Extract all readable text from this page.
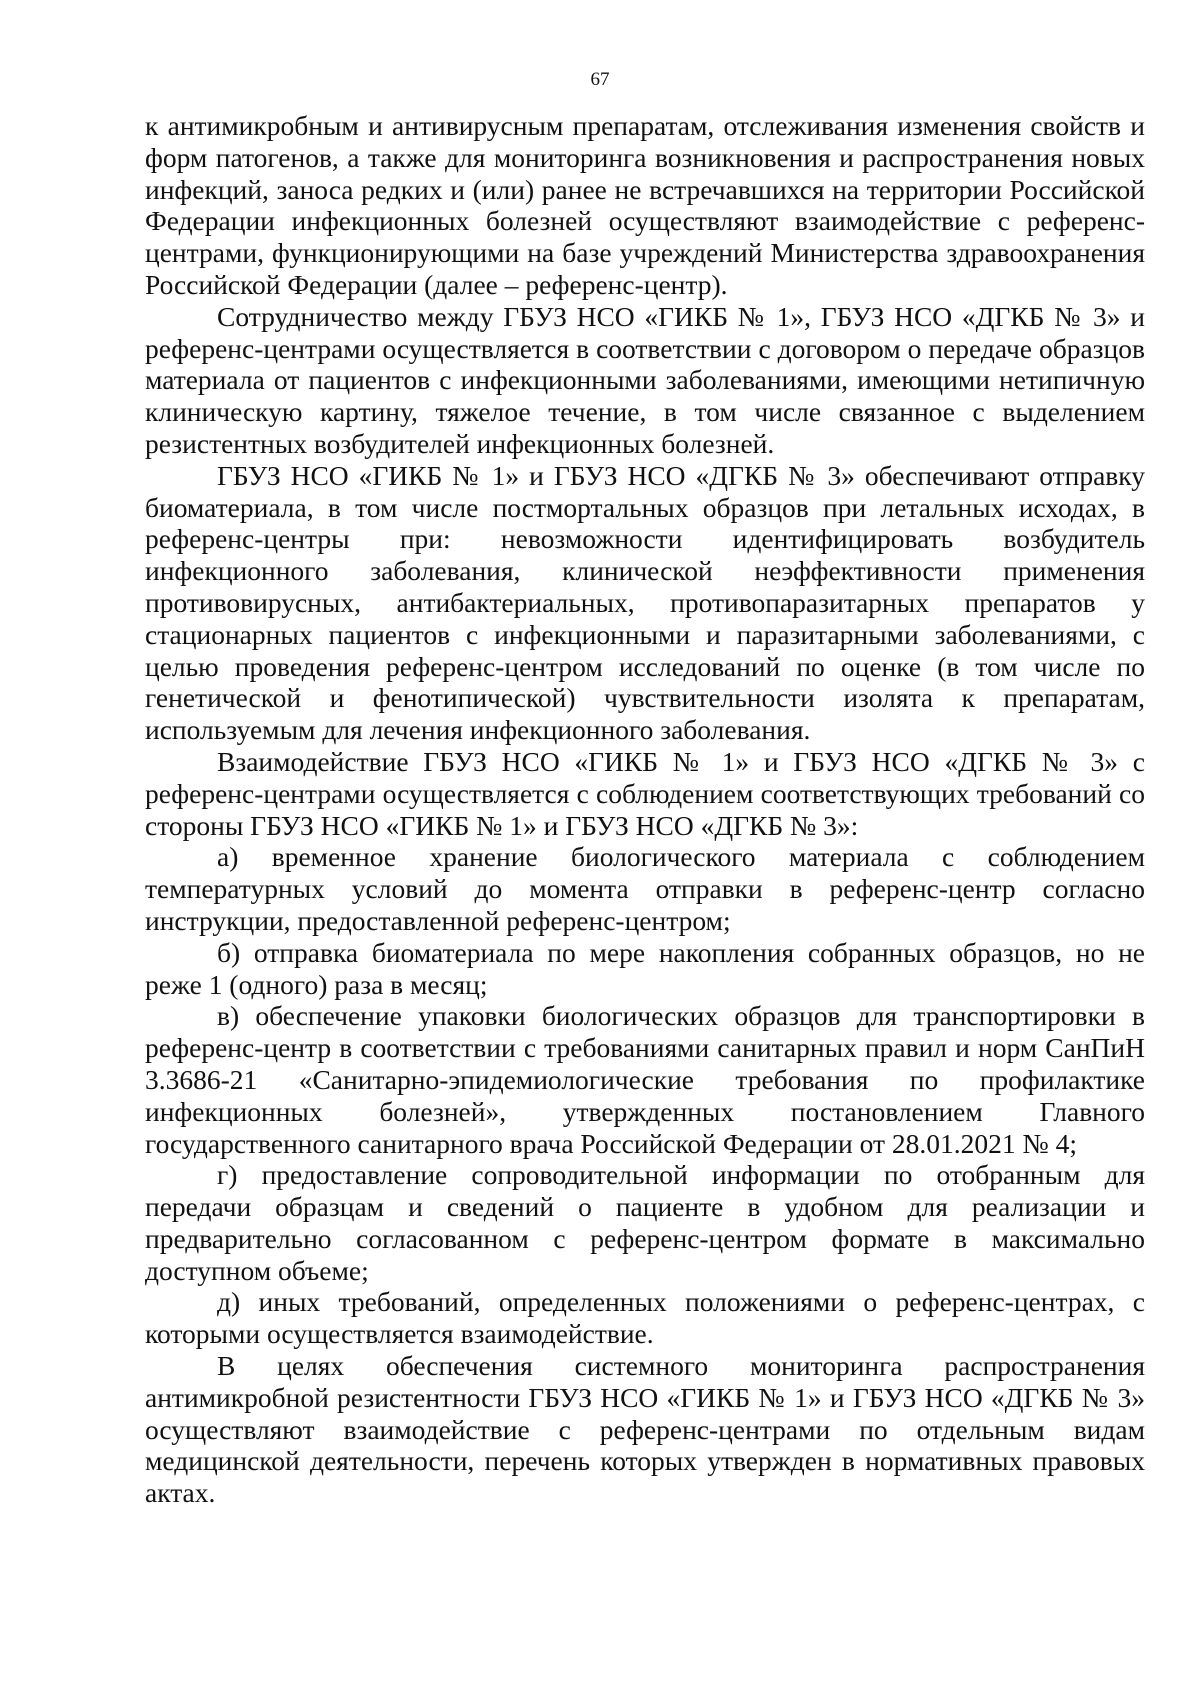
67

к антимикробным и антивирусным препаратам, отслеживания изменения свойств и форм патогенов, а также для мониторинга возникновения и распространения новых инфекций, заноса редких и (или) ранее не встречавшихся на территории Российской Федерации инфекционных болезней осуществляют взаимодействие с референс-центрами, функционирующими на базе учреждений Министерства здравоохранения Российской Федерации (далее – референс-центр).

Сотрудничество между ГБУЗ НСО «ГИКБ № 1», ГБУЗ НСО «ДГКБ № 3» и референс-центрами осуществляется в соответствии с договором о передаче образцов материала от пациентов с инфекционными заболеваниями, имеющими нетипичную клиническую картину, тяжелое течение, в том числе связанное с выделением резистентных возбудителей инфекционных болезней.

ГБУЗ НСО «ГИКБ № 1» и ГБУЗ НСО «ДГКБ № 3» обеспечивают отправку биоматериала, в том числе постмортальных образцов при летальных исходах, в референс-центры при: невозможности идентифицировать возбудитель инфекционного заболевания, клинической неэффективности применения противовирусных, антибактериальных, противопаразитарных препаратов у стационарных пациентов с инфекционными и паразитарными заболеваниями, с целью проведения референс-центром исследований по оценке (в том числе по генетической и фенотипической) чувствительности изолята к препаратам, используемым для лечения инфекционного заболевания.

Взаимодействие ГБУЗ НСО «ГИКБ № 1» и ГБУЗ НСО «ДГКБ № 3» с референс-центрами осуществляется с соблюдением соответствующих требований со стороны ГБУЗ НСО «ГИКБ № 1» и ГБУЗ НСО «ДГКБ № 3»:

а) временное хранение биологического материала с соблюдением температурных условий до момента отправки в референс-центр согласно инструкции, предоставленной референс-центром;

б) отправка биоматериала по мере накопления собранных образцов, но не реже 1 (одного) раза в месяц;

в) обеспечение упаковки биологических образцов для транспортировки в референс-центр в соответствии с требованиями санитарных правил и норм СанПиН 3.3686-21 «Санитарно-эпидемиологические требования по профилактике инфекционных болезней», утвержденных постановлением Главного государственного санитарного врача Российской Федерации от 28.01.2021 № 4;

г) предоставление сопроводительной информации по отобранным для передачи образцам и сведений о пациенте в удобном для реализации и предварительно согласованном с референс-центром формате в максимально доступном объеме;

д) иных требований, определенных положениями о референс-центрах, с которыми осуществляется взаимодействие.

В целях обеспечения системного мониторинга распространения антимикробной резистентности ГБУЗ НСО «ГИКБ № 1» и ГБУЗ НСО «ДГКБ № 3» осуществляют взаимодействие с референс-центрами по отдельным видам медицинской деятельности, перечень которых утвержден в нормативных правовых актах.
